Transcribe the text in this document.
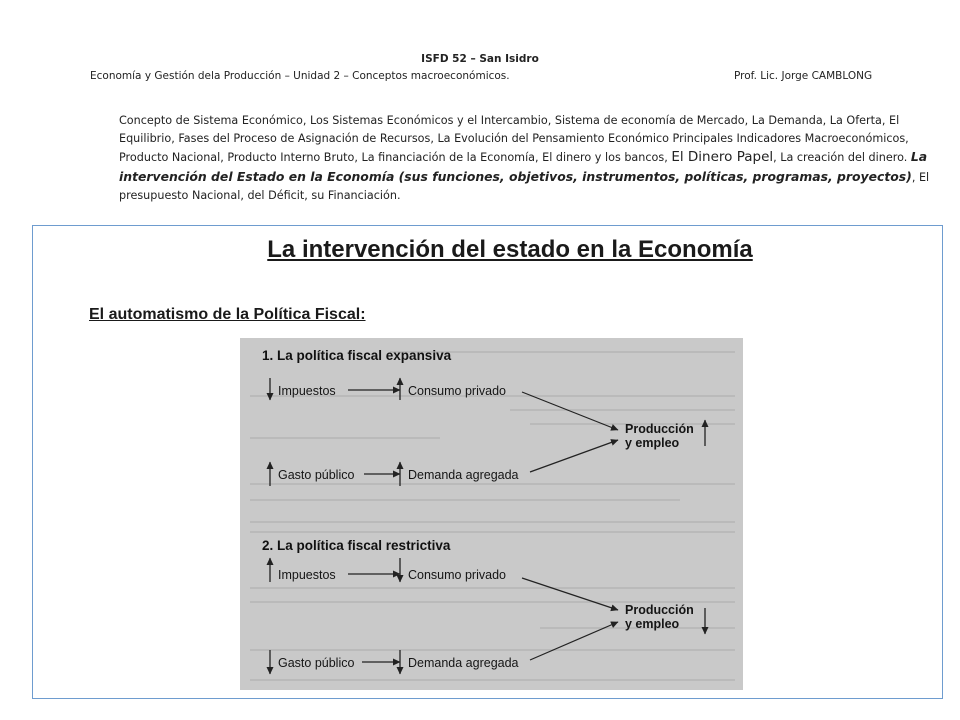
ISFD 52 – San Isidro
Economía y Gestión dela Producción – Unidad 2 – Conceptos macroeconómicos.	Prof. Lic. Jorge CAMBLONG
Concepto de Sistema Económico, Los Sistemas Económicos y el Intercambio, Sistema de economía de Mercado, La Demanda, La Oferta, El Equilibrio, Fases del Proceso de Asignación de Recursos, La Evolución del Pensamiento Económico Principales Indicadores Macroeconómicos, Producto Nacional, Producto Interno Bruto, La financiación de la Economía, El dinero y los bancos, El Dinero Papel, La creación del dinero. La intervención del Estado en la Economía (sus funciones, objetivos, instrumentos, políticas, programas, proyectos), El presupuesto Nacional, del Déficit, su Financiación.
La intervención del estado en la Economía
El automatismo de la Política Fiscal:
1. La política fiscal expansiva
Impuestos	Consumo privado
Producción
y empleo
Gasto público	Demanda agregada
2. La política fiscal restrictiva
Impuestos	Consumo privado
Producción
y empleo
Gasto público	Demanda agregada
